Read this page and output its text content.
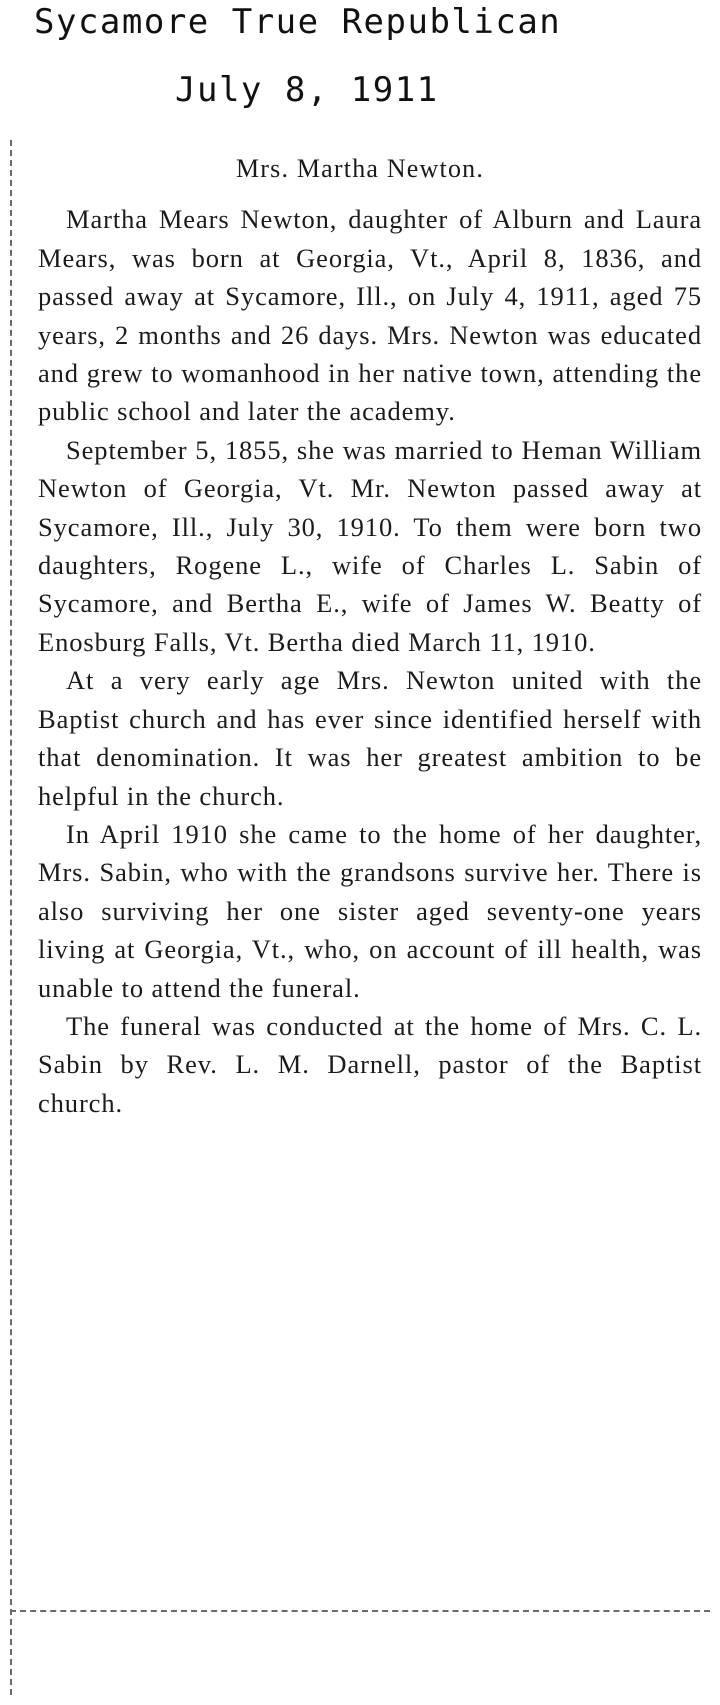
Sycamore True Republican
July 8, 1911
Mrs. Martha Newton.

Martha Mears Newton, daughter of Alburn and Laura Mears, was born at Georgia, Vt., April 8, 1836, and passed away at Sycamore, Ill., on July 4, 1911, aged 75 years, 2 months and 26 days. Mrs. Newton was educated and grew to womanhood in her native town, attending the public school and later the academy.

September 5, 1855, she was married to Heman William Newton of Georgia, Vt. Mr. Newton passed away at Sycamore, Ill., July 30, 1910. To them were born two daughters, Rogene L., wife of Charles L. Sabin of Sycamore, and Bertha E., wife of James W. Beatty of Enosburg Falls, Vt. Bertha died March 11, 1910.

At a very early age Mrs. Newton united with the Baptist church and has ever since identified herself with that denomination. It was her greatest ambition to be helpful in the church.

In April 1910 she came to the home of her daughter, Mrs. Sabin, who with the grandsons survive her. There is also surviving her one sister aged seventy-one years living at Georgia, Vt., who, on account of ill health, was unable to attend the funeral.

The funeral was conducted at the home of Mrs. C. L. Sabin by Rev. L. M. Darnell, pastor of the Baptist church.
